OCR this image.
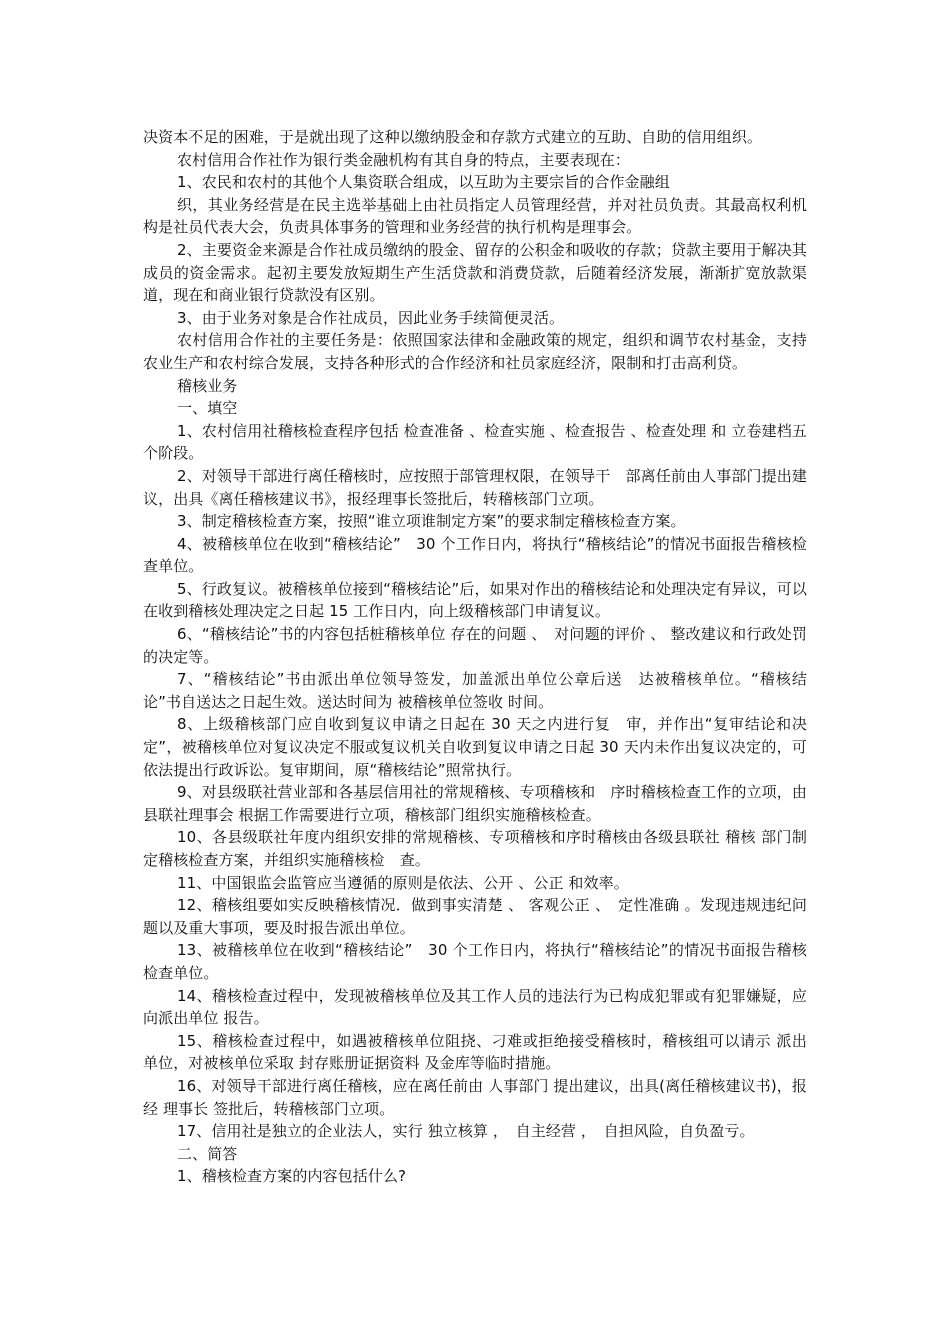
决资本不足的困难，于是就出现了这种以缴纳股金和存款方式建立的互助、自助的信用组织。

农村信用合作社作为银行类金融机构有其自身的特点，主要表现在：

1、农民和农村的其他个人集资联合组成，以互助为主要宗旨的合作金融组

织，其业务经营是在民主选举基础上由社员指定人员管理经营，并对社员负责。其最高权利机构是社员代表大会，负责具体事务的管理和业务经营的执行机构是理事会。

2、主要资金来源是合作社成员缴纳的股金、留存的公积金和吸收的存款；贷款主要用于解决其成员的资金需求。起初主要发放短期生产生活贷款和消费贷款，后随着经济发展，渐渐扩宽放款渠道，现在和商业银行贷款没有区别。

3、由于业务对象是合作社成员，因此业务手续简便灵活。

农村信用合作社的主要任务是：依照国家法律和金融政策的规定，组织和调节农村基金，支持农业生产和农村综合发展，支持各种形式的合作经济和社员家庭经济，限制和打击高利贷。

稽核业务

一、填空

1、农村信用社稽核检查程序包括 检查准备 、检查实施 、检查报告 、检查处理 和 立卷建档五个阶段。

2、对领导干部进行离任稽核时，应按照于部管理权限，在领导干　部离任前由人事部门提出建议，出具《离任稽核建议书》，报经理事长签批后，转稽核部门立项。

3、制定稽核检查方案，按照“谁立项谁制定方案”的要求制定稽核检查方案。

4、被稽核单位在收到“稽核结论”　30 个工作日内，将执行“稽核结论”的情况书面报告稽核检查单位。

5、行政复议。被稽核单位接到“稽核结论”后，如果对作出的稽核结论和处理决定有异议，可以在收到稽核处理决定之日起 15 工作日内，向上级稽核部门申请复议。

6、“稽核结论”书的内容包括桩稽核单位 存在的问题 、　对问题的评价 、 整改建议和行政处罚的决定等。

7、“稽核结论”书由派出单位领导签发，加盖派出单位公章后送　达被稽核单位。“稽核结论”书自送达之日起生效。送达时间为 被稽核单位签收 时间。

8、上级稽核部门应自收到复议申请之日起在 30 天之内进行复　审，并作出“复审结论和决定”，被稽核单位对复议决定不服或复议机关自收到复议申请之日起 30 天内未作出复议决定的，可依法提出行政诉讼。复审期间，原“稽核结论”照常执行。

9、对县级联社营业部和各基层信用社的常规稽核、专项稽核和　序时稽核检查工作的立项，由 县联社理事会 根据工作需要进行立项，稽核部门组织实施稽核检查。

10、各县级联社年度内组织安排的常规稽核、专项稽核和序时稽核由各级县联社 稽核 部门制定稽核检查方案，并组织实施稽核检　查。

11、中国银监会监管应当遵循的原则是依法、公开 、公正 和效率。

12、稽核组要如实反映稽核情况．做到事实清楚 、 客观公正 、　定性准确 。发现违规违纪问题以及重大事项，要及时报告派出单位。

13、被稽核单位在收到“稽核结论”　30 个工作日内，将执行“稽核结论”的情况书面报告稽核检查单位。

14、稽核检查过程中，发现被稽核单位及其工作人员的违法行为已构成犯罪或有犯罪嫌疑，应 向派出单位 报告。

15、稽核检查过程中，如遇被稽核单位阻挠、刁难或拒绝接受稽核时，稽核组可以请示 派出　单位，对被核单位采取 封存账册证据资料 及金库等临时措施。

16、对领导干部进行离任稽核，应在离任前由 人事部门 提出建议，出具(离任稽核建议书)，报经 理事长 签批后，转稽核部门立项。

17、信用社是独立的企业法人，实行 独立核算 ，　自主经营 ，　自担风险，自负盈亏。

二、简答

1、稽核检查方案的内容包括什么?
